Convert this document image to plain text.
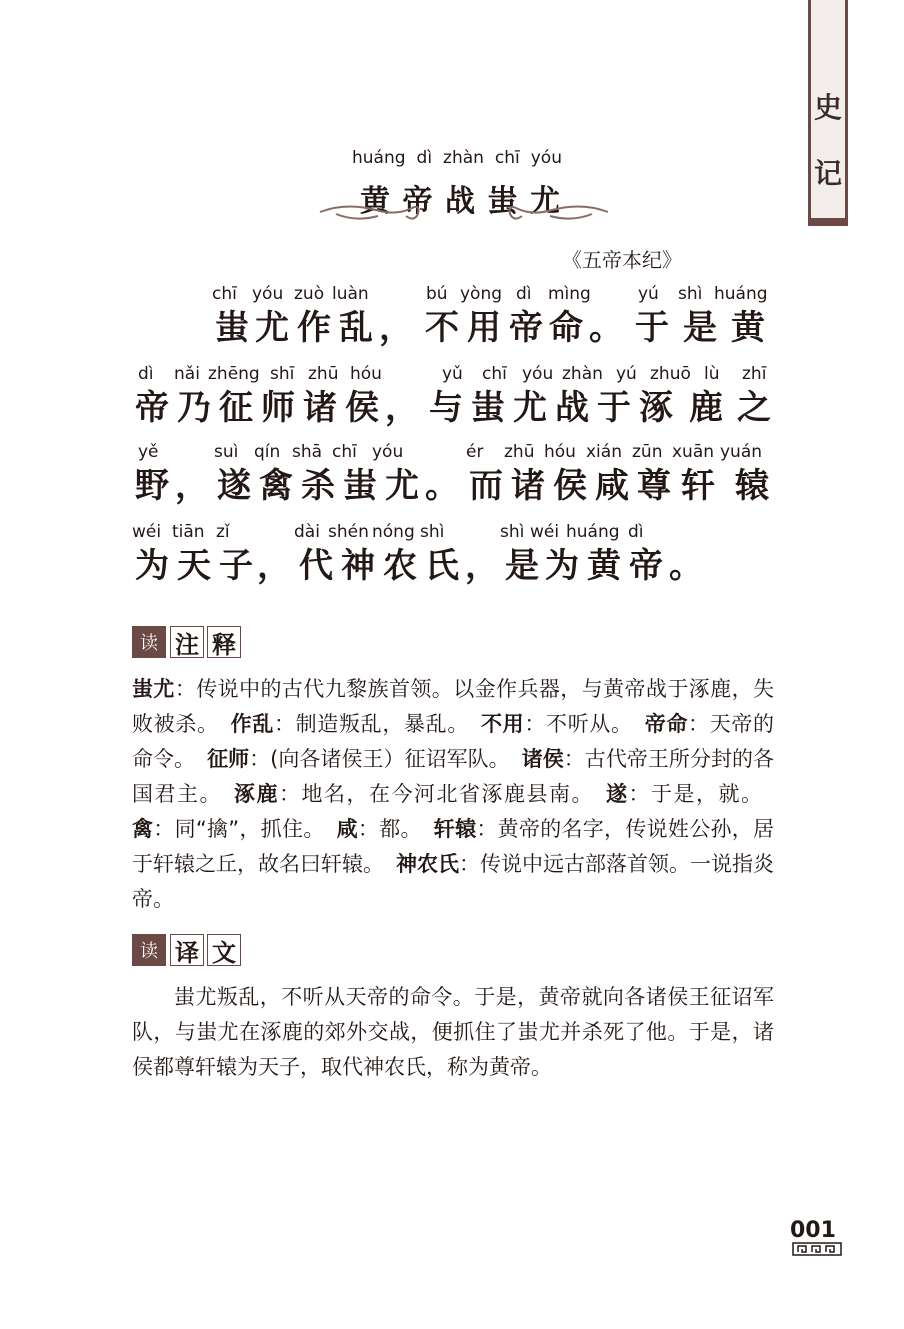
史
记
huáng dì zhàn chī yóu
黄 帝 战 蚩 尤
《五帝本纪》
chī yóu zuò luàn	bú yòng dì mìng	yú shì huáng
蚩 尤 作 乱 ， 不 用 帝 命 。 于 是 黄
dì nǎi zhēng shī zhū hóu	yǔ chī yóu zhàn yú zhuō lù zhī
帝 乃 征 师 诸 侯 ， 与 蚩 尤 战 于 涿 鹿 之
yě	suì qín shā chī yóu	ér zhū hóu xián zūn xuān yuán
野 ， 遂 禽 杀 蚩 尤 。 而 诸 侯 咸 尊 轩 辕
wéi tiān zǐ	dài shén nóng shì	shì wéi huáng dì
为 天 子 ， 代 神 农 氏 ， 是 为 黄 帝 。
读 注 释

蚩尤：传说中的古代九黎族首领。以金作兵器，与黄帝战于涿鹿，失败被杀。 作乱：制造叛乱，暴乱。 不用：不听从。 帝命：天帝的命令。 征师：(向各诸侯王）征诏军队。 诸侯：古代帝王所分封的各国君主。 涿鹿：地名，在今河北省涿鹿县南。 遂：于是，就。禽：同“擒”，抓住。 咸：都。 轩辕：黄帝的名字，传说姓公孙，居于轩辕之丘，故名曰轩辕。 神农氏：传说中远古部落首领。一说指炎帝。

读 译 文

蚩尤叛乱，不听从天帝的命令。于是，黄帝就向各诸侯王征诏军队，与蚩尤在涿鹿的郊外交战，便抓住了蚩尤并杀死了他。于是，诸侯都尊轩辕为天子，取代神农氏，称为黄帝。

001
